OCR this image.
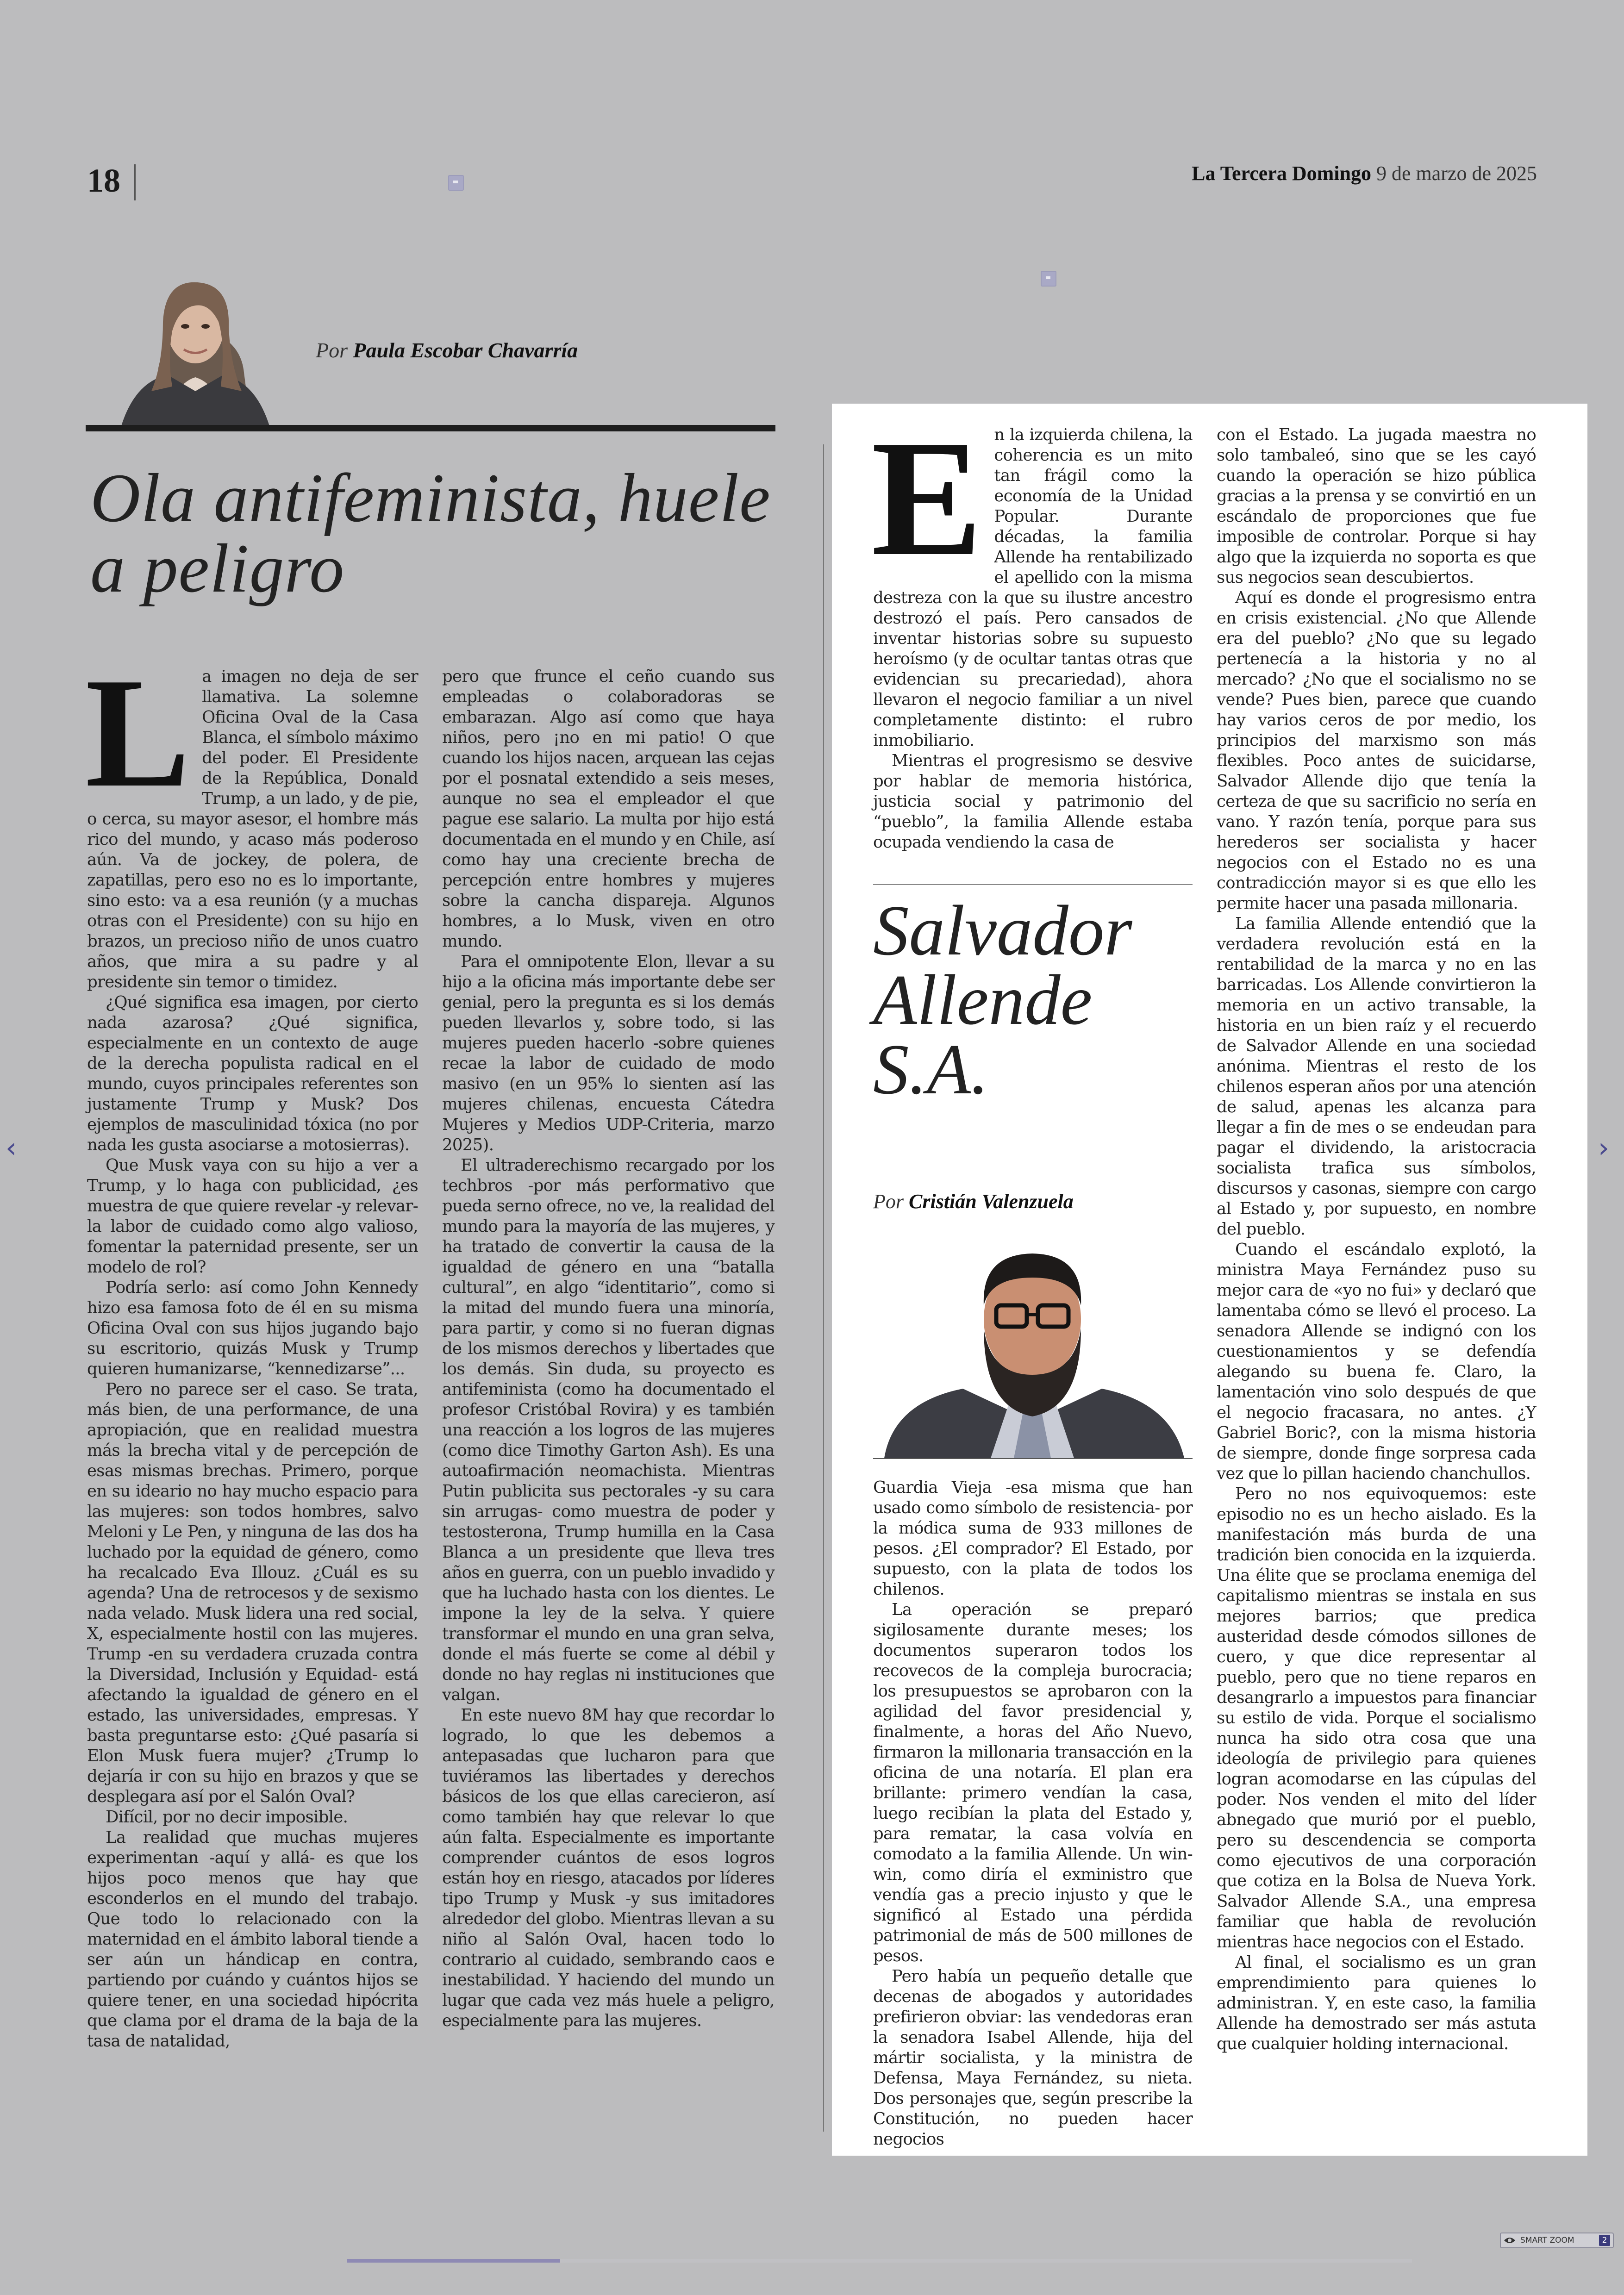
18	La Tercera Domingo 9 de marzo de 2025
Por Paula Escobar Chavarría
Ola antifeminista, huele a peligro
L a imagen no deja de ser llamativa. La solemne Oficina Oval de la Casa Blanca, el símbolo máximo del poder. El Presidente de la República, Donald Trump, a un lado, y de pie, o cerca, su mayor asesor, el hombre más rico del mundo, y acaso más poderoso aún. Va de jockey, de polera, de zapatillas, pero eso no es lo importante, sino esto: va a esa reunión (y a muchas otras con el Presidente) con su hijo en brazos, un precioso niño de unos cuatro años, que mira a su padre y al presidente sin temor o timidez.

¿Qué significa esa imagen, por cierto nada azarosa? ¿Qué significa, especialmente en un contexto de auge de la derecha populista radical en el mundo, cuyos principales referentes son justamente Trump y Musk? Dos ejemplos de masculinidad tóxica (no por nada les gusta asociarse a motosierras).

Que Musk vaya con su hijo a ver a Trump, y lo haga con publicidad, ¿es muestra de que quiere revelar -y relevar- la labor de cuidado como algo valioso, fomentar la paternidad presente, ser un modelo de rol?

Podría serlo: así como John Kennedy hizo esa famosa foto de él en su misma Oficina Oval con sus hijos jugando bajo su escritorio, quizás Musk y Trump quieren humanizarse, “kennedizarse”...

Pero no parece ser el caso. Se trata, más bien, de una performance, de una apropiación, que en realidad muestra más la brecha vital y de percepción de esas mismas brechas. Primero, porque en su ideario no hay mucho espacio para las mujeres: son todos hombres, salvo Meloni y Le Pen, y ninguna de las dos ha luchado por la equidad de género, como ha recalcado Eva Illouz. ¿Cuál es su agenda? Una de retrocesos y de sexismo nada velado. Musk lidera una red social, X, especialmente hostil con las mujeres. Trump -en su verdadera cruzada contra la Diversidad, Inclusión y Equidad- está afectando la igualdad de género en el estado, las universidades, empresas. Y basta preguntarse esto: ¿Qué pasaría si Elon Musk fuera mujer? ¿Trump lo dejaría ir con su hijo en brazos y que se desplegara así por el Salón Oval?

Difícil, por no decir imposible.

La realidad que muchas mujeres experimentan -aquí y allá- es que los hijos poco menos que hay que esconderlos en el mundo del trabajo. Que todo lo relacionado con la maternidad en el ámbito laboral tiende a ser aún un hándicap en contra, partiendo por cuándo y cuántos hijos se quiere tener, en una sociedad hipócrita que clama por el drama de la baja de la tasa de natalidad,

pero que frunce el ceño cuando sus empleadas o colaboradoras se embarazan. Algo así como que haya niños, pero ¡no en mi patio! O que cuando los hijos nacen, arquean las cejas por el posnatal extendido a seis meses, aunque no sea el empleador el que pague ese salario. La multa por hijo está documentada en el mundo y en Chile, así como hay una creciente brecha de percepción entre hombres y mujeres sobre la cancha dispareja. Algunos hombres, a lo Musk, viven en otro mundo.

Para el omnipotente Elon, llevar a su hijo a la oficina más importante debe ser genial, pero la pregunta es si los demás pueden llevarlos y, sobre todo, si las mujeres pueden hacerlo -sobre quienes recae la labor de cuidado de modo masivo (en un 95% lo sienten así las mujeres chilenas, encuesta Cátedra Mujeres y Medios UDP-Criteria, marzo 2025).

El ultraderechismo recargado por los techbros -por más performativo que pueda serno ofrece, no ve, la realidad del mundo para la mayoría de las mujeres, y ha tratado de convertir la causa de la igualdad de género en una “batalla cultural”, en algo “identitario”, como si la mitad del mundo fuera una minoría, para partir, y como si no fueran dignas de los mismos derechos y libertades que los demás. Sin duda, su proyecto es antifeminista (como ha documentado el profesor Cristóbal Rovira) y es también una reacción a los logros de las mujeres (como dice Timothy Garton Ash). Es una autoafirmación neomachista. Mientras Putin publicita sus pectorales -y su cara sin arrugas- como muestra de poder y testosterona, Trump humilla en la Casa Blanca a un presidente que lleva tres años en guerra, con un pueblo invadido y que ha luchado hasta con los dientes. Le impone la ley de la selva. Y quiere transformar el mundo en una gran selva, donde el más fuerte se come al débil y donde no hay reglas ni instituciones que valgan.

En este nuevo 8M hay que recordar lo logrado, lo que les debemos a antepasadas que lucharon para que tuviéramos las libertades y derechos básicos de los que ellas carecieron, así como también hay que relevar lo que aún falta. Especialmente es importante comprender cuántos de esos logros están hoy en riesgo, atacados por líderes tipo Trump y Musk -y sus imitadores alrededor del globo. Mientras llevan a su niño al Salón Oval, hacen todo lo contrario al cuidado, sembrando caos e inestabilidad. Y haciendo del mundo un lugar que cada vez más huele a peligro, especialmente para las mujeres.

E n la izquierda chilena, la coherencia es un mito tan frágil como la economía de la Unidad Popular. Durante décadas, la familia Allende ha rentabilizado el apellido con la misma destreza con la que su ilustre ancestro destrozó el país. Pero cansados de inventar historias sobre su supuesto heroísmo (y de ocultar tantas otras que evidencian su precariedad), ahora llevaron el negocio familiar a un nivel completamente distinto: el rubro inmobiliario.

Mientras el progresismo se desvive por hablar de memoria histórica, justicia social y patrimonio del “pueblo”, la familia Allende estaba ocupada vendiendo la casa de

Salvador Allende S.A.
Por Cristián Valenzuela

Guardia Vieja -esa misma que han usado como símbolo de resistencia- por la módica suma de 933 millones de pesos. ¿El comprador? El Estado, por supuesto, con la plata de todos los chilenos.

La operación se preparó sigilosamente durante meses; los documentos superaron todos los recovecos de la compleja burocracia; los presupuestos se aprobaron con la agilidad del favor presidencial y, finalmente, a horas del Año Nuevo, firmaron la millonaria transacción en la oficina de una notaría. El plan era brillante: primero vendían la casa, luego recibían la plata del Estado y, para rematar, la casa volvía en comodato a la familia Allende. Un win-win, como diría el exministro que vendía gas a precio injusto y que le significó al Estado una pérdida patrimonial de más de 500 millones de pesos.

Pero había un pequeño detalle que decenas de abogados y autoridades prefirieron obviar: las vendedoras eran la senadora Isabel Allende, hija del mártir socialista, y la ministra de Defensa, Maya Fernández, su nieta. Dos personajes que, según prescribe la Constitución, no pueden hacer negocios

con el Estado. La jugada maestra no solo tambaleó, sino que se les cayó cuando la operación se hizo pública gracias a la prensa y se convirtió en un escándalo de proporciones que fue imposible de controlar. Porque si hay algo que la izquierda no soporta es que sus negocios sean descubiertos.

Aquí es donde el progresismo entra en crisis existencial. ¿No que Allende era del pueblo? ¿No que su legado pertenecía a la historia y no al mercado? ¿No que el socialismo no se vende? Pues bien, parece que cuando hay varios ceros de por medio, los principios del marxismo son más flexibles. Poco antes de suicidarse, Salvador Allende dijo que tenía la certeza de que su sacrificio no sería en vano. Y razón tenía, porque para sus herederos ser socialista y hacer negocios con el Estado no es una contradicción mayor si es que ello les permite hacer una pasada millonaria.

La familia Allende entendió que la verdadera revolución está en la rentabilidad de la marca y no en las barricadas. Los Allende convirtieron la memoria en un activo transable, la historia en un bien raíz y el recuerdo de Salvador Allende en una sociedad anónima. Mientras el resto de los chilenos esperan años por una atención de salud, apenas les alcanza para llegar a fin de mes o se endeudan para pagar el dividendo, la aristocracia socialista trafica sus símbolos, discursos y casonas, siempre con cargo al Estado y, por supuesto, en nombre del pueblo.

Cuando el escándalo explotó, la ministra Maya Fernández puso su mejor cara de «yo no fui» y declaró que lamentaba cómo se llevó el proceso. La senadora Allende se indignó con los cuestionamientos y se defendía alegando su buena fe. Claro, la lamentación vino solo después de que el negocio fracasara, no antes. ¿Y Gabriel Boric?, con la misma historia de siempre, donde finge sorpresa cada vez que lo pillan haciendo chanchullos.

Pero no nos equivoquemos: este episodio no es un hecho aislado. Es la manifestación más burda de una tradición bien conocida en la izquierda. Una élite que se proclama enemiga del capitalismo mientras se instala en sus mejores barrios; que predica austeridad desde cómodos sillones de cuero, y que dice representar al pueblo, pero que no tiene reparos en desangrarlo a impuestos para financiar su estilo de vida. Porque el socialismo nunca ha sido otra cosa que una ideología de privilegio para quienes logran acomodarse en las cúpulas del poder. Nos venden el mito del líder abnegado que murió por el pueblo, pero su descendencia se comporta como ejecutivos de una corporación que cotiza en la Bolsa de Nueva York. Salvador Allende S.A., una empresa familiar que habla de revolución mientras hace negocios con el Estado.

Al final, el socialismo es un gran emprendimiento para quienes lo administran. Y, en este caso, la familia Allende ha demostrado ser más astuta que cualquier holding internacional.

‹	›
SMART ZOOM	2
